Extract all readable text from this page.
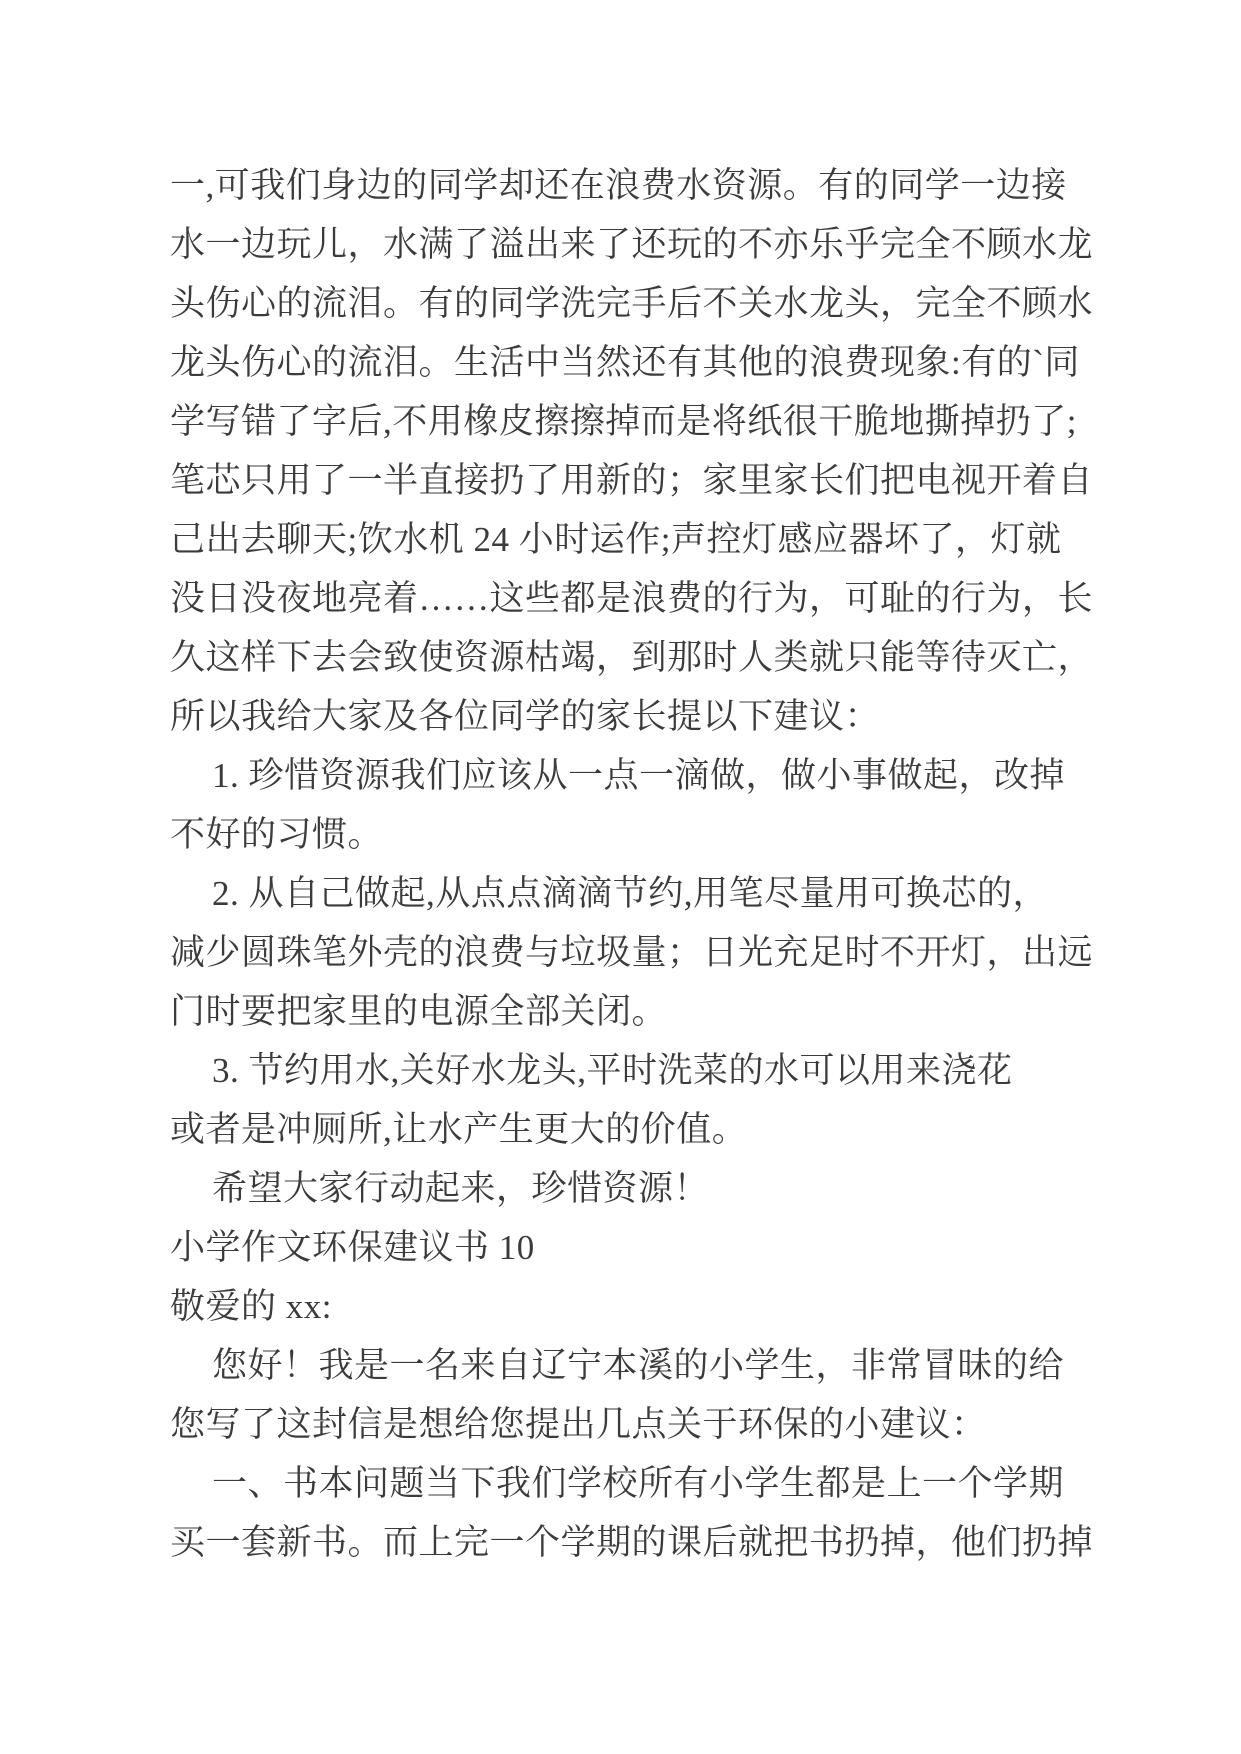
一,可我们身边的同学却还在浪费水资源。有的同学一边接
水一边玩儿，水满了溢出来了还玩的不亦乐乎完全不顾水龙
头伤心的流泪。有的同学洗完手后不关水龙头，完全不顾水
龙头伤心的流泪。生活中当然还有其他的浪费现象:有的`同
学写错了字后,不用橡皮擦擦掉而是将纸很干脆地撕掉扔了;
笔芯只用了一半直接扔了用新的；家里家长们把电视开着自
己出去聊天;饮水机 24 小时运作;声控灯感应器坏了，灯就
没日没夜地亮着……这些都是浪费的行为，可耻的行为，长
久这样下去会致使资源枯竭，到那时人类就只能等待灭亡，
所以我给大家及各位同学的家长提以下建议：
1. 珍惜资源我们应该从一点一滴做，做小事做起，改掉
不好的习惯。
2. 从自己做起,从点点滴滴节约,用笔尽量用可换芯的，
减少圆珠笔外壳的浪费与垃圾量；日光充足时不开灯，出远
门时要把家里的电源全部关闭。
3. 节约用水,关好水龙头,平时洗菜的水可以用来浇花
或者是冲厕所,让水产生更大的价值。
希望大家行动起来，珍惜资源！
小学作文环保建议书 10
敬爱的 xx:
您好！我是一名来自辽宁本溪的小学生，非常冒昧的给
您写了这封信是想给您提出几点关于环保的小建议：
一、书本问题当下我们学校所有小学生都是上一个学期
买一套新书。而上完一个学期的课后就把书扔掉，他们扔掉
